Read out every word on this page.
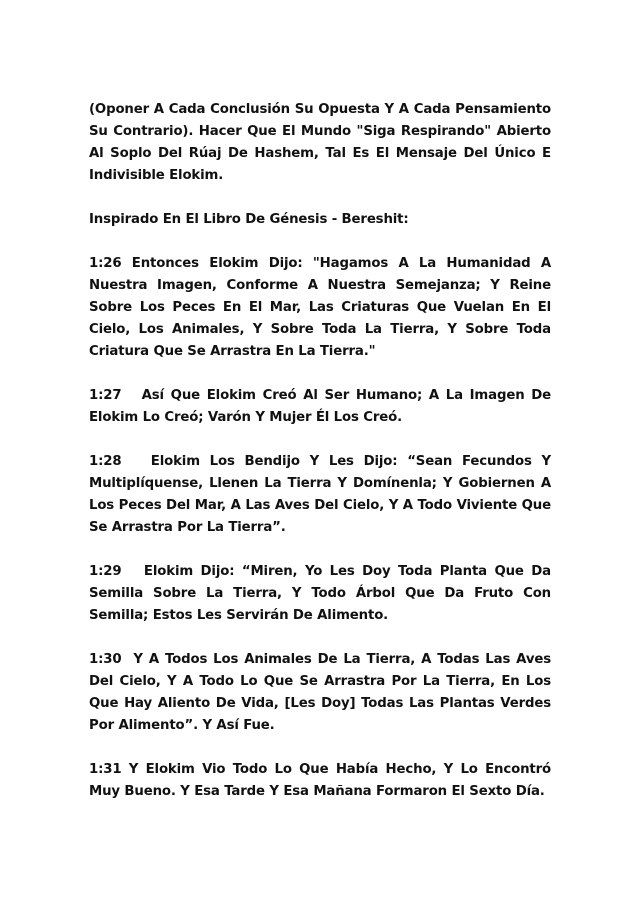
(Oponer A Cada Conclusión Su Opuesta Y A Cada Pensamiento Su Contrario). Hacer Que El Mundo "Siga Respirando" Abierto Al Soplo Del Rúaj De Hashem, Tal Es El Mensaje Del Único E Indivisible Elokim.

Inspirado En El Libro De Génesis - Bereshit:

1:26 Entonces Elokim Dijo: "Hagamos A La Humanidad A Nuestra Imagen, Conforme A Nuestra Semejanza; Y Reine Sobre Los Peces En El Mar, Las Criaturas Que Vuelan En El Cielo, Los Animales, Y Sobre Toda La Tierra, Y Sobre Toda Criatura Que Se Arrastra En La Tierra."

1:27   Así Que Elokim Creó Al Ser Humano; A La Imagen De Elokim Lo Creó; Varón Y Mujer Él Los Creó.

1:28   Elokim Los Bendijo Y Les Dijo: “Sean Fecundos Y Multiplíquense, Llenen La Tierra Y Domínenla; Y Gobiernen A Los Peces Del Mar, A Las Aves Del Cielo, Y A Todo Viviente Que Se Arrastra Por La Tierra”.

1:29   Elokim Dijo: “Miren, Yo Les Doy Toda Planta Que Da Semilla Sobre La Tierra, Y Todo Árbol Que Da Fruto Con Semilla; Estos Les Servirán De Alimento.

1:30  Y A Todos Los Animales De La Tierra, A Todas Las Aves Del Cielo, Y A Todo Lo Que Se Arrastra Por La Tierra, En Los Que Hay Aliento De Vida, [Les Doy] Todas Las Plantas Verdes Por Alimento”. Y Así Fue.

1:31 Y Elokim Vio Todo Lo Que Había Hecho, Y Lo Encontró Muy Bueno. Y Esa Tarde Y Esa Mañana Formaron El Sexto Día.
